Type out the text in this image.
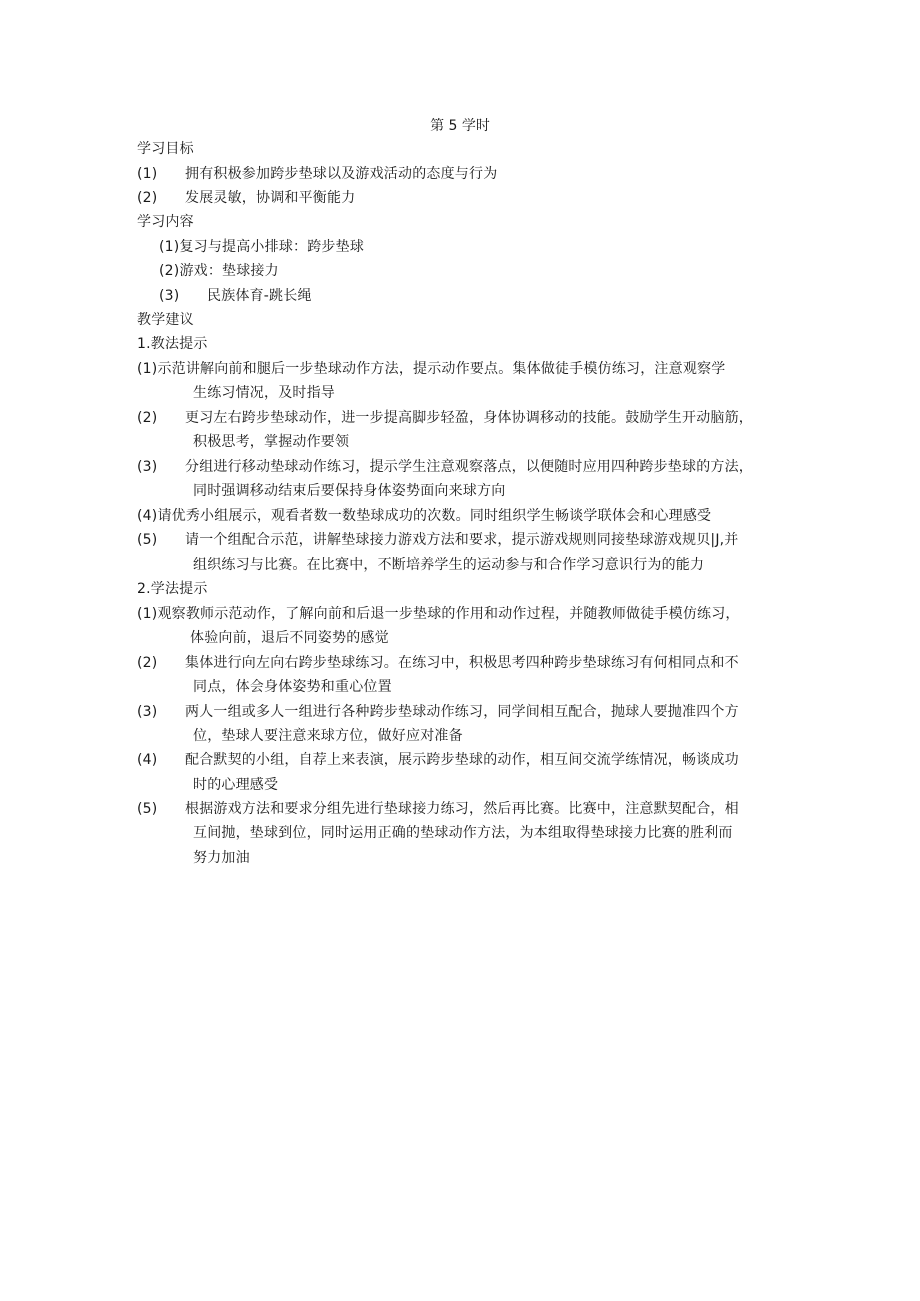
第 5 学时
学习目标
(1) 拥有积极参加跨步垫球以及游戏活动的态度与行为
(2) 发展灵敏，协调和平衡能力
学习内容
(1)复习与提高小排球：跨步垫球
(2)游戏：垫球接力
(3) 民族体育-跳长绳
教学建议
1.教法提示
(1)示范讲解向前和腿后一步垫球动作方法，提示动作要点。集体做徒手模仿练习，注意观察学
生练习情况，及时指导
(2) 更习左右跨步垫球动作，进一步提高脚步轻盈，身体协调移动的技能。鼓励学生开动脑筋，
积极思考，掌握动作要领
(3) 分组进行移动垫球动作练习，提示学生注意观察落点，以便随时应用四种跨步垫球的方法，
同时强调移动结束后要保持身体姿势面向来球方向
(4)请优秀小组展示，观看者数一数垫球成功的次数。同时组织学生畅谈学联体会和心理感受
(5) 请一个组配合示范，讲解垫球接力游戏方法和要求，提示游戏规则同接垫球游戏规贝|J,并
组织练习与比赛。在比赛中，不断培养学生的运动参与和合作学习意识行为的能力
2.学法提示
(1)观察教师示范动作，了解向前和后退一步垫球的作用和动作过程，并随教师做徒手模仿练习，
体验向前，退后不同姿势的感觉
(2) 集体进行向左向右跨步垫球练习。在练习中，积极思考四种跨步垫球练习有何相同点和不
同点，体会身体姿势和重心位置
(3) 两人一组或多人一组进行各种跨步垫球动作练习，同学间相互配合，抛球人要抛准四个方
位，垫球人要注意来球方位，做好应对准备
(4) 配合默契的小组，自荐上来表演，展示跨步垫球的动作，相互间交流学练情况，畅谈成功
时的心理感受
(5) 根据游戏方法和要求分组先进行垫球接力练习，然后再比赛。比赛中，注意默契配合，相
互间抛，垫球到位，同时运用正确的垫球动作方法，为本组取得垫球接力比赛的胜利而
努力加油
